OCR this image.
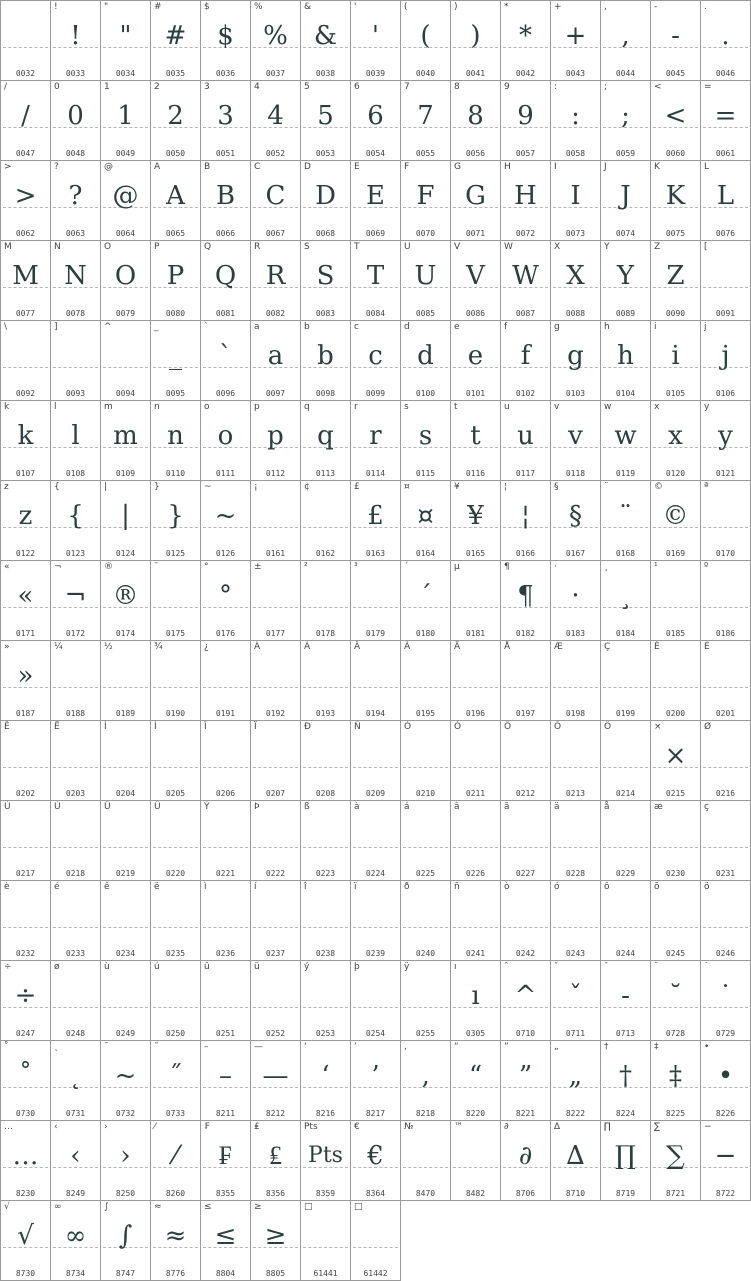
0032
!
!
0033
"
"
0034
#
#
0035
$
$
0036
%
%
0037
&
&
0038
'
'
0039
(
(
0040
)
)
0041
*
*
0042
+
+
0043
,
,
0044
-
-
0045
.
.
0046
/
/
0047
0
0
0048
1
1
0049
2
2
0050
3
3
0051
4
4
0052
5
5
0053
6
6
0054
7
7
0055
8
8
0056
9
9
0057
:
:
0058
;
;
0059
<
<
0060
=
=
0061
>
>
0062
?
?
0063
@
@
0064
A
A
0065
B
B
0066
C
C
0067
D
D
0068
E
E
0069
F
F
0070
G
G
0071
H
H
0072
I
I
0073
J
J
0074
K
K
0075
L
L
0076
M
M
0077
N
N
0078
O
O
0079
P
P
0080
Q
Q
0081
R
R
0082
S
S
0083
T
T
0084
U
U
0085
V
V
0086
W
W
0087
X
X
0088
Y
Y
0089
Z
Z
0090
[
0091
\
0092
]
0093
^
0094
_
_
0095
`
`
0096
a
a
0097
b
b
0098
c
c
0099
d
d
0100
e
e
0101
f
f
0102
g
g
0103
h
h
0104
i
i
0105
j
j
0106
k
k
0107
l
l
0108
m
m
0109
n
n
0110
o
o
0111
p
p
0112
q
q
0113
r
r
0114
s
s
0115
t
t
0116
u
u
0117
v
v
0118
w
w
0119
x
x
0120
y
y
0121
z
z
0122
{
{
0123
|
|
0124
}
}
0125
~
~
0126
¡
0161
¢
0162
£
£
0163
¤
¤
0164
¥
¥
0165
¦
¦
0166
§
§
0167
¨
¨
0168
©
©
0169
ª
0170
«
«
0171
¬
¬
0172
®
®
0174
¯
0175
°
°
0176
±
0177
²
0178
³
0179
´
´
0180
µ
0181
¶
¶
0182
·
·
0183
¸
¸
0184
¹
0185
º
0186
»
»
0187
¼
0188
½
0189
¾
0190
¿
0191
À
0192
Á
0193
Â
0194
Ã
0195
Ä
0196
Å
0197
Æ
0198
Ç
0199
È
0200
É
0201
Ê
0202
Ë
0203
Ì
0204
Í
0205
Î
0206
Ï
0207
Ð
0208
Ñ
0209
Ò
0210
Ó
0211
Ô
0212
Õ
0213
Ö
0214
×
×
0215
Ø
0216
Ù
0217
Ú
0218
Û
0219
Ü
0220
Ý
0221
Þ
0222
ß
0223
à
0224
á
0225
â
0226
ã
0227
ä
0228
å
0229
æ
0230
ç
0231
è
0232
é
0233
ê
0234
ë
0235
ì
0236
í
0237
î
0238
ï
0239
ð
0240
ñ
0241
ò
0242
ó
0243
ô
0244
õ
0245
ö
0246
÷
÷
0247
ø
0248
ù
0249
ú
0250
û
0251
ü
0252
ý
0253
þ
0254
ÿ
0255
ı
ı
0305
ˆ
^
0710
ˇ
ˇ
0711
ˉ
-
0713
˘
˘
0728
˙
˙
0729
˚
˚
0730
˛
˛
0731
˜
~
0732
˝
˝
0733
–
–
8211
—
—
8212
‘
‘
8216
’
’
8217
‚
‚
8218
“
“
8220
”
”
8221
„
„
8222
†
†
8224
‡
‡
8225
•
•
8226
…
…
8230
‹
‹
8249
›
›
8250
⁄
⁄
8260
₣
₣
8355
₤
₤
8356
Pts
Pts
8359
€
€
8364
№
8470
™
8482
∂
∂
8706
∆
∆
8710
∏
∏
8719
∑
∑
8721
−
−
8722
√
√
8730
∞
∞
8734
∫
∫
8747
≈
≈
8776
≤
≤
8804
≥
≥
8805
□
61441
□
61442
